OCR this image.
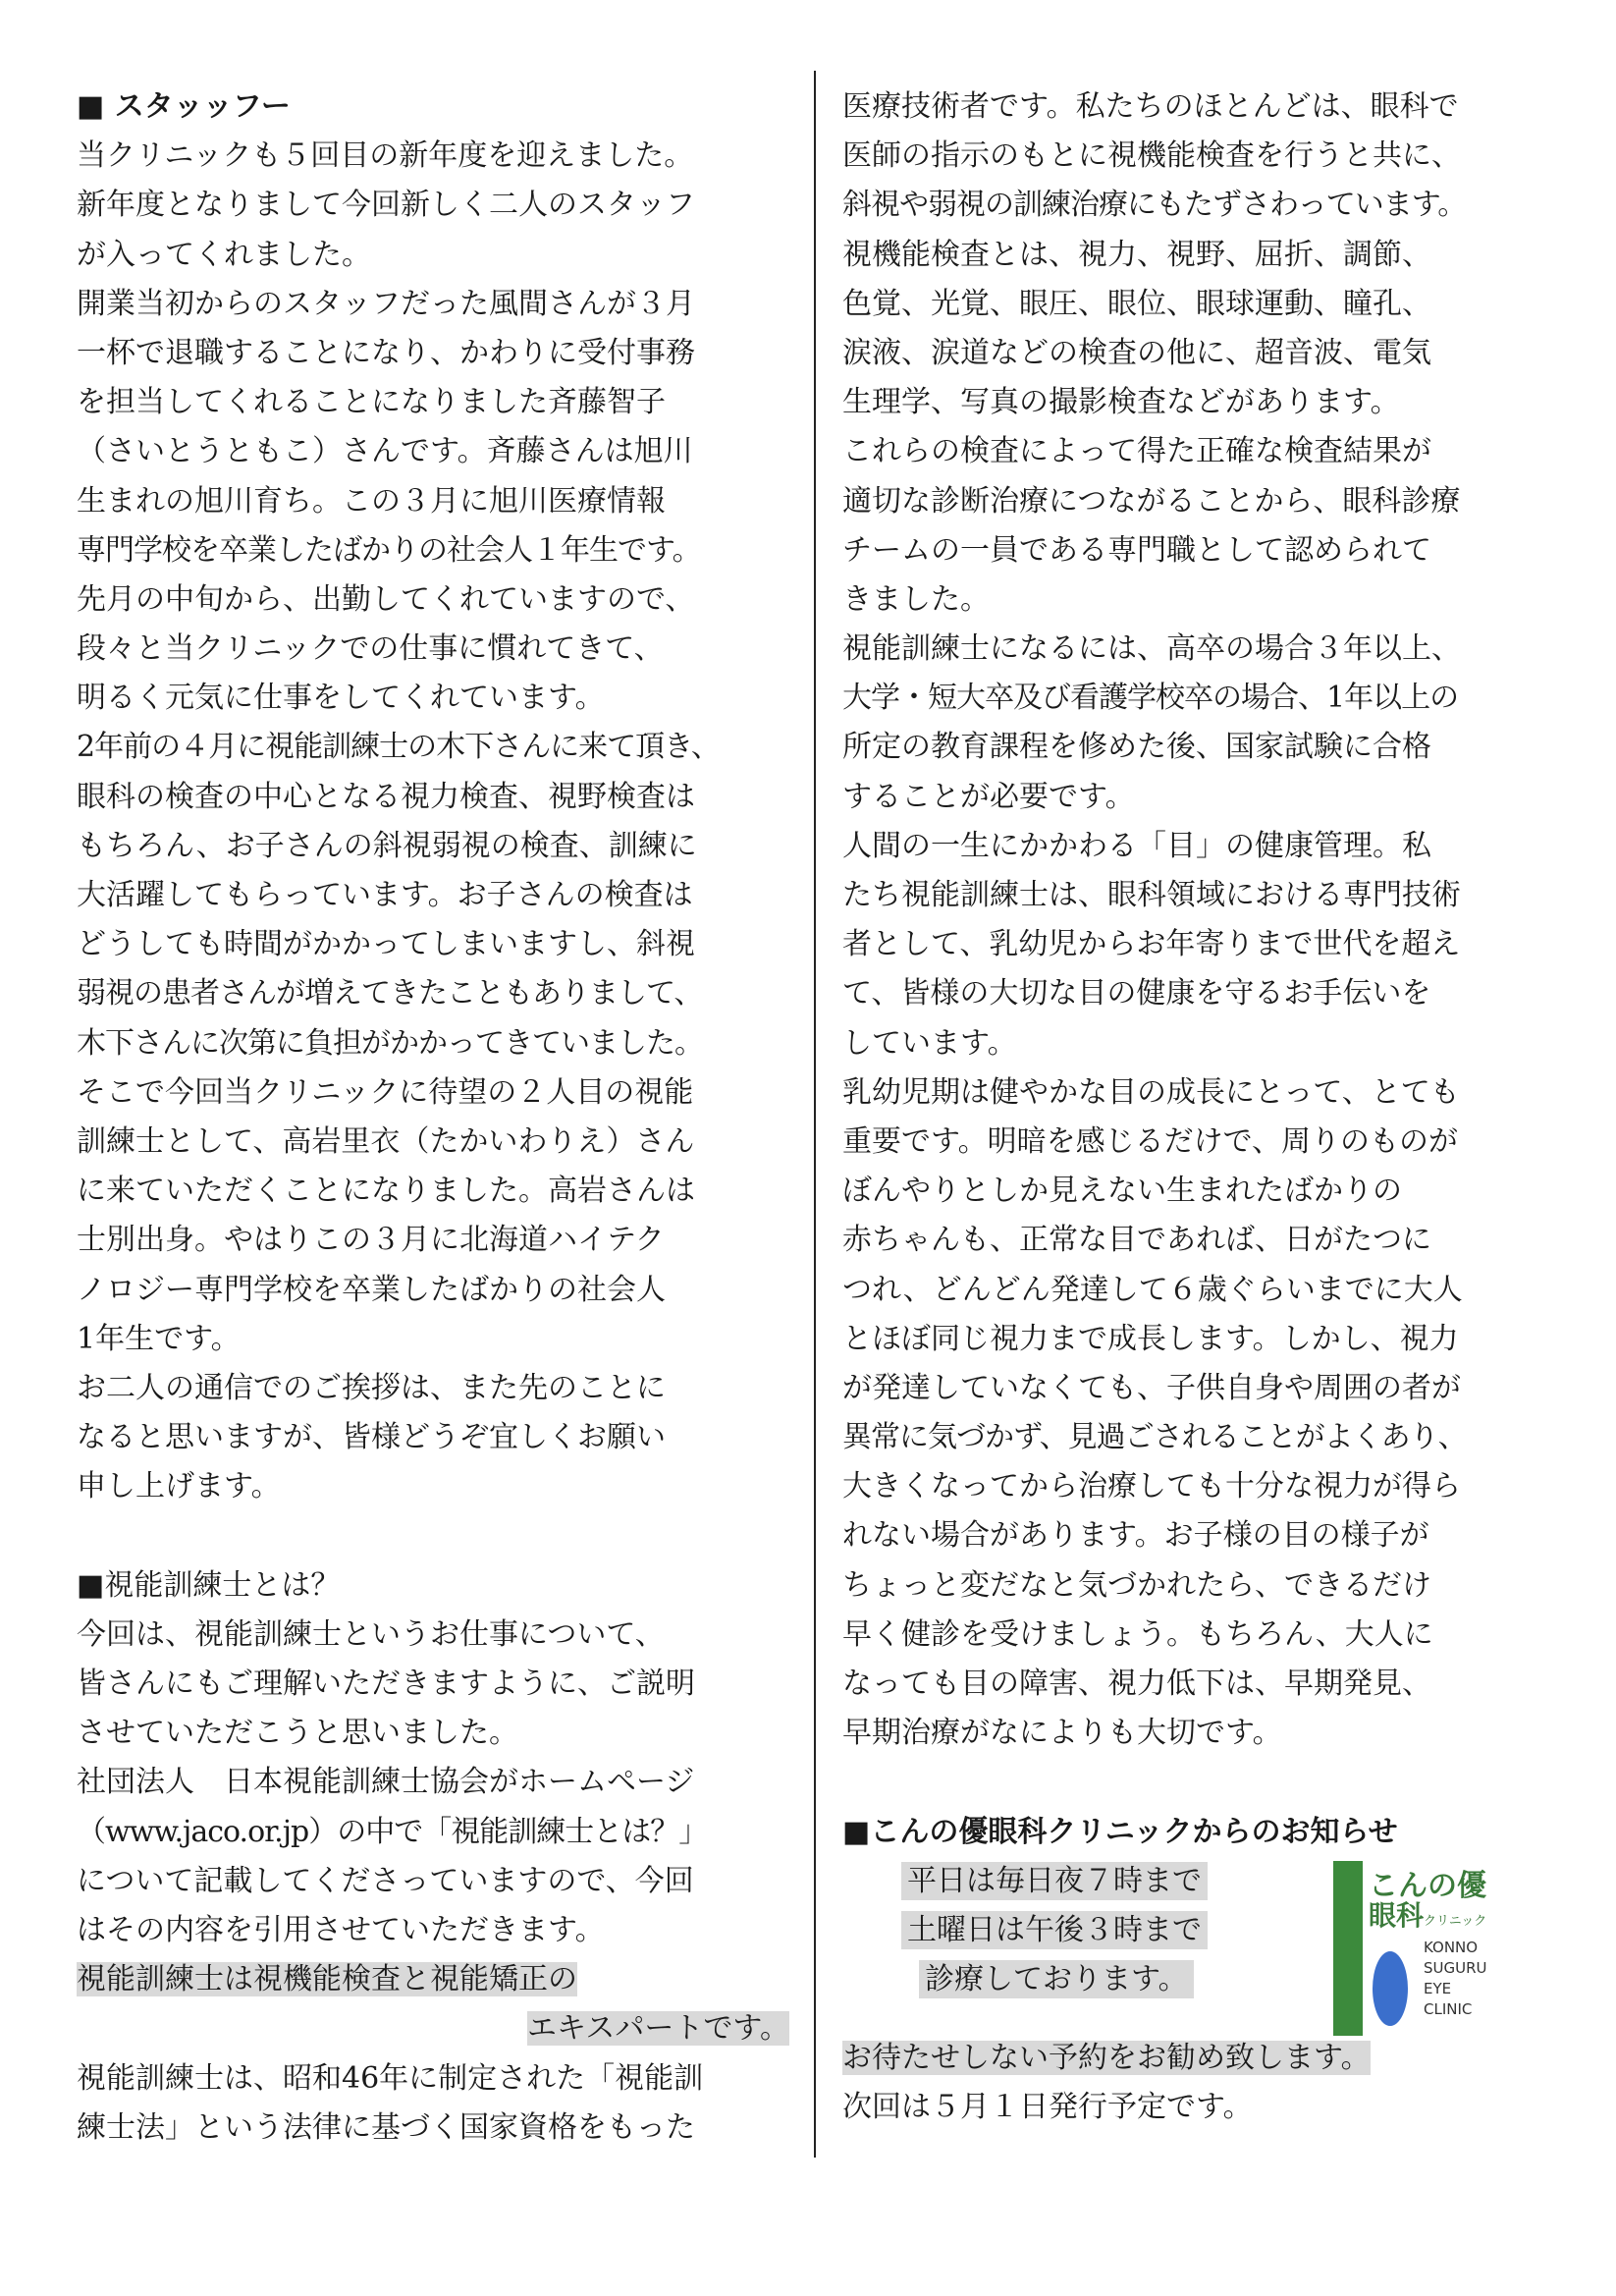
■ スタッッフー
当クリニックも５回目の新年度を迎えました。
新年度となりまして今回新しく二人のスタッフ
が入ってくれました。
開業当初からのスタッフだった風間さんが３月
一杯で退職することになり、かわりに受付事務
を担当してくれることになりました斉藤智子
（さいとうともこ）さんです。斉藤さんは旭川
生まれの旭川育ち。この３月に旭川医療情報
専門学校を卒業したばかりの社会人１年生です。
先月の中旬から、出勤してくれていますので、
段々と当クリニックでの仕事に慣れてきて、
明るく元気に仕事をしてくれています。
2年前の４月に視能訓練士の木下さんに来て頂き、
眼科の検査の中心となる視力検査、視野検査は
もちろん、お子さんの斜視弱視の検査、訓練に
大活躍してもらっています。お子さんの検査は
どうしても時間がかかってしまいますし、斜視
弱視の患者さんが増えてきたこともありまして、
木下さんに次第に負担がかかってきていました。
そこで今回当クリニックに待望の２人目の視能
訓練士として、高岩里衣（たかいわりえ）さん
に来ていただくことになりました。高岩さんは
士別出身。やはりこの３月に北海道ハイテク
ノロジー専門学校を卒業したばかりの社会人
1年生です。
お二人の通信でのご挨拶は、また先のことに
なると思いますが、皆様どうぞ宜しくお願い
申し上げます。
■視能訓練士とは？
今回は、視能訓練士というお仕事について、
皆さんにもご理解いただきますように、ご説明
させていただこうと思いました。
社団法人　日本視能訓練士協会がホームページ
（www.jaco.or.jp）の中で「視能訓練士とは？」
について記載してくださっていますので、今回
はその内容を引用させていただきます。
視能訓練士は視機能検査と視能矯正の
エキスパートです。
視能訓練士は、昭和46年に制定された「視能訓
練士法」という法律に基づく国家資格をもった
医療技術者です。私たちのほとんどは、眼科で
医師の指示のもとに視機能検査を行うと共に、
斜視や弱視の訓練治療にもたずさわっています。
視機能検査とは、視力、視野、屈折、調節、
色覚、光覚、眼圧、眼位、眼球運動、瞳孔、
涙液、涙道などの検査の他に、超音波、電気
生理学、写真の撮影検査などがあります。
これらの検査によって得た正確な検査結果が
適切な診断治療につながることから、眼科診療
チームの一員である専門職として認められて
きました。
視能訓練士になるには、高卒の場合３年以上、
大学・短大卒及び看護学校卒の場合、1年以上の
所定の教育課程を修めた後、国家試験に合格
することが必要です。
人間の一生にかかわる「目」の健康管理。私
たち視能訓練士は、眼科領域における専門技術
者として、乳幼児からお年寄りまで世代を超え
て、皆様の大切な目の健康を守るお手伝いを
しています。
乳幼児期は健やかな目の成長にとって、とても
重要です。明暗を感じるだけで、周りのものが
ぼんやりとしか見えない生まれたばかりの
赤ちゃんも、正常な目であれば、日がたつに
つれ、どんどん発達して６歳ぐらいまでに大人
とほぼ同じ視力まで成長します。しかし、視力
が発達していなくても、子供自身や周囲の者が
異常に気づかず、見過ごされることがよくあり、
大きくなってから治療しても十分な視力が得ら
れない場合があります。お子様の目の様子が
ちょっと変だなと気づかれたら、できるだけ
早く健診を受けましょう。もちろん、大人に
なっても目の障害、視力低下は、早期発見、
早期治療がなによりも大切です。
■こんの優眼科クリニックからのお知らせ
平日は毎日夜７時まで
土曜日は午後３時まで
診療しております。
こんの優
眼科クリニック
KONNO
SUGURU
EYE
CLINIC
お待たせしない予約をお勧め致します。
次回は５月１日発行予定です。
